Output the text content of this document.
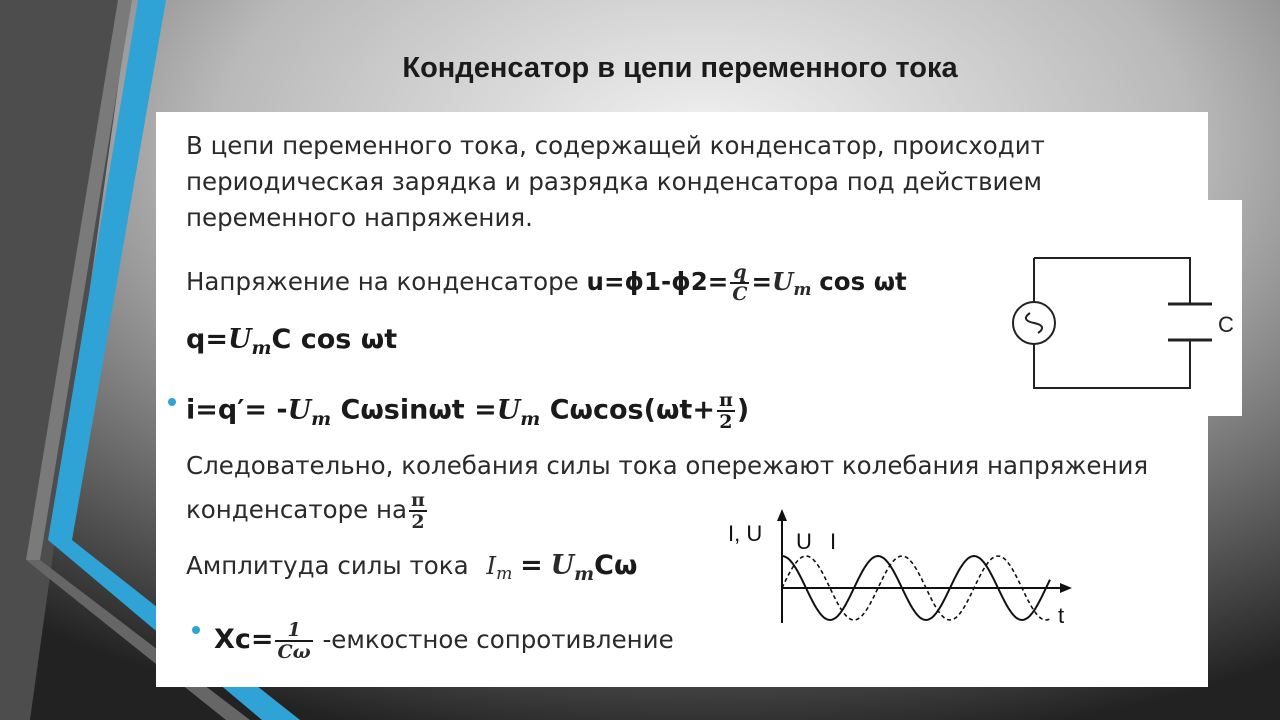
Конденсатор в цепи переменного тока
В цепи переменного тока, содержащей конденсатор, происходит
периодическая зарядка и разрядка конденсатора под действием
переменного напряжения.
Напряжение на конденсаторе $u=\phi 1-\phi 2= \frac{q}{C} =U_m$ cos ωt
$q=U_mC$ cos ωt
$i=q'= -U_m$ $C\omega\sin\omega t =U_m$ $C\omega\cos(\omega t+ \frac{\pi}{2}$ )
Следовательно, колебания силы тока опережают колебания напряжения
конденсаторе на $\frac{\pi}{2}$
Амплитуда силы тока $I_m = U_mC\omega$
$Xc= \frac{1}{C\omega}$ -емкостное сопротивление
C
I, U
t
U I
